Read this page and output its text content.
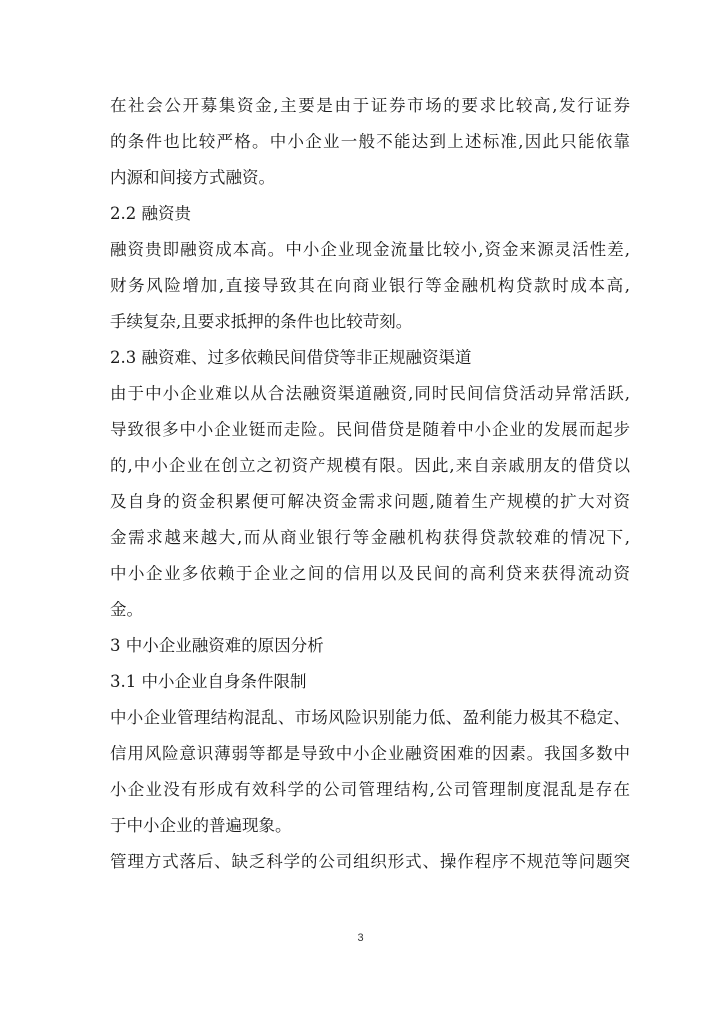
在社会公开募集资金,主要是由于证券市场的要求比较高,发行证券
的条件也比较严格。中小企业一般不能达到上述标准,因此只能依靠
内源和间接方式融资。
2.2 融资贵
融资贵即融资成本高。中小企业现金流量比较小,资金来源灵活性差,
财务风险增加,直接导致其在向商业银行等金融机构贷款时成本高,
手续复杂,且要求抵押的条件也比较苛刻。
2.3 融资难、过多依赖民间借贷等非正规融资渠道
由于中小企业难以从合法融资渠道融资,同时民间信贷活动异常活跃,
导致很多中小企业铤而走险。民间借贷是随着中小企业的发展而起步
的,中小企业在创立之初资产规模有限。因此,来自亲戚朋友的借贷以
及自身的资金积累便可解决资金需求问题,随着生产规模的扩大对资
金需求越来越大,而从商业银行等金融机构获得贷款较难的情况下,
中小企业多依赖于企业之间的信用以及民间的高利贷来获得流动资
金。
3 中小企业融资难的原因分析
3.1 中小企业自身条件限制
中小企业管理结构混乱、市场风险识别能力低、盈利能力极其不稳定、
信用风险意识薄弱等都是导致中小企业融资困难的因素。我国多数中
小企业没有形成有效科学的公司管理结构,公司管理制度混乱是存在
于中小企业的普遍现象。
管理方式落后、缺乏科学的公司组织形式、操作程序不规范等问题突
3
